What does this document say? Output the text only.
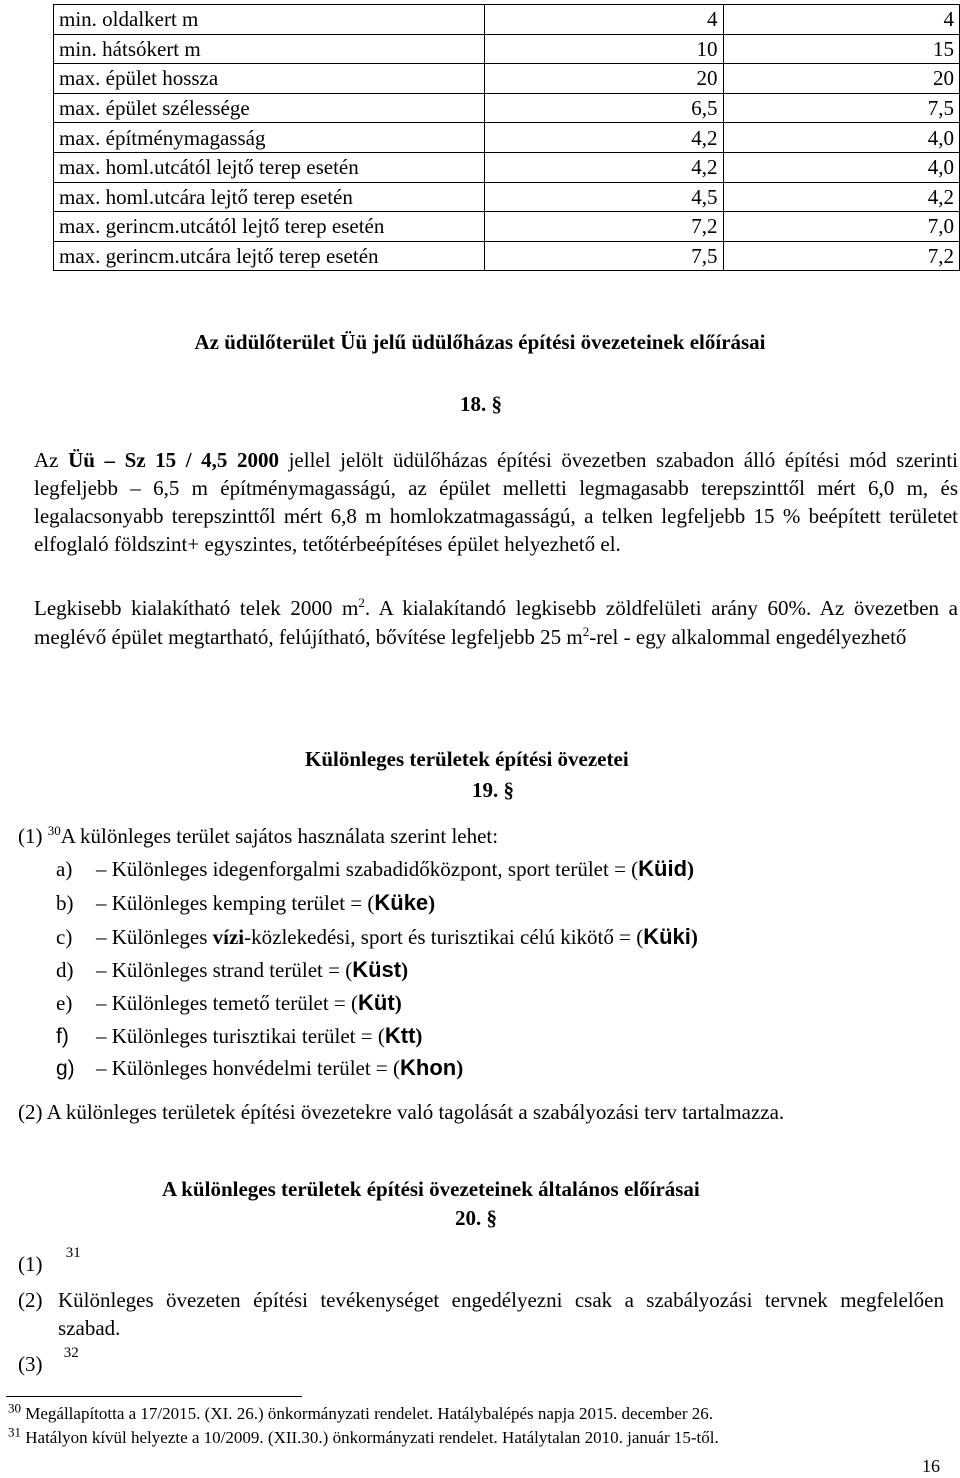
min. oldalkert m	4	4
min. hátsókert m	10	15
max. épület hossza	20	20
max. épület szélessége	6,5	7,5
max. építménymagasság	4,2	4,0
max. homl.utcától lejtő terep esetén	4,2	4,0
max. homl.utcára lejtő terep esetén	4,5	4,2
max. gerincm.utcától lejtő terep esetén	7,2	7,0
max. gerincm.utcára lejtő terep esetén	7,5	7,2
Az üdülőterület Üü jelű üdülőházas építési övezeteinek előírásai
18. §
Az Üü – Sz 15 / 4,5 2000 jellel jelölt üdülőházas építési övezetben szabadon álló építési mód szerinti legfeljebb – 6,5 m építménymagasságú, az épület melletti legmagasabb terepszinttől mért 6,0 m, és legalacsonyabb terepszinttől mért 6,8 m homlokzatmagasságú, a telken legfeljebb 15 % beépített területet elfoglaló földszint+ egyszintes, tetőtérbeépítéses épület helyezhető el.
Legkisebb kialakítható telek 2000 $m^2$. A kialakítandó legkisebb zöldfelületi arány 60%. Az övezetben a meglévő épület megtartható, felújítható, bővítése legfeljebb 25 $m^2$-rel - egy alkalommal engedélyezhető
Különleges területek építési övezetei
19. §
(1) $^{30}$A különleges terület sajátos használata szerint lehet:
a) – Különleges idegenforgalmi szabadidőközpont, sport terület = (Küid)
b) – Különleges kemping terület = (Küke)
c) – Különleges vízi-közlekedési, sport és turisztikai célú kikötő = (Küki)
d) – Különleges strand terület = (Küst)
e) – Különleges temető terület = (Küt)
f) – Különleges turisztikai terület = (Ktt)
g) – Különleges honvédelmi terület = (Khon)
(2) A különleges területek építési övezetekre való tagolását a szabályozási terv tartalmazza.
A különleges területek építési övezeteinek általános előírásai
20. §
(1) $^{31}$
(2) Különleges övezeten építési tevékenységet engedélyezni csak a szabályozási tervnek megfelelően szabad.
(3) $^{32}$
$^{30}$ Megállapította a 17/2015. (XI. 26.) önkormányzati rendelet. Hatálybalépés napja 2015. december 26.
$^{31}$ Hatályon kívül helyezte a 10/2009. (XII.30.) önkormányzati rendelet. Hatálytalan 2010. január 15-től.
16
